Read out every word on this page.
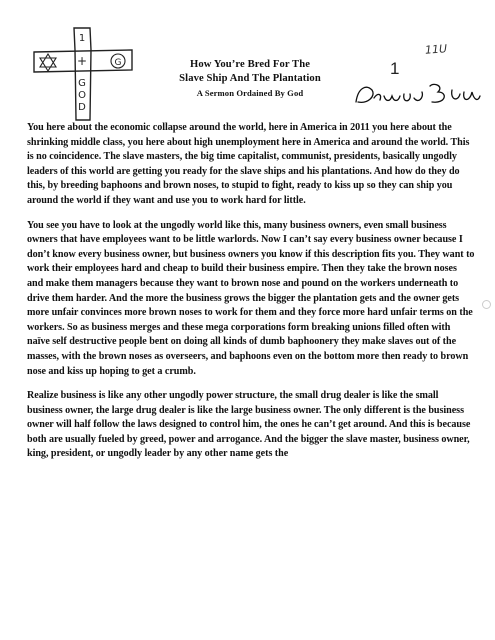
1
+	G
G O D
How You’re Bred For The
Slave Ship And The Plantation
A Sermon Ordained By God
1
11U

You here about the economic collapse around the world, here in America in 2011 you here about the shrinking middle class, you here about high unemployment here in America and around the world. This is no coincidence. The slave masters, the big time capitalist, communist, presidents, basically ungodly leaders of this world are getting you ready for the slave ships and his plantations. And how do they do this, by breeding baphoons and brown noses, to stupid to fight, ready to kiss up so they can ship you around the world if they want and use you to work hard for little.

You see you have to look at the ungodly world like this, many business owners, even small business owners that have employees want to be little warlords. Now I can’t say every business owner because I don’t know every business owner, but business owners you know if this description fits you. They want to work their employees hard and cheap to build their business empire. Then they take the brown noses and make them managers because they want to brown nose and pound on the workers underneath to drive them harder. And the more the business grows the bigger the plantation gets and the owner gets more unfair convinces more brown noses to work for them and they force more hard unfair terms on the workers. So as business merges and these mega corporations form breaking unions filled often with naïve self destructive people bent on doing all kinds of dumb baphoonery they make slaves out of the masses, with the brown noses as overseers, and baphoons even on the bottom more then ready to brown nose and kiss up hoping to get a crumb.

Realize business is like any other ungodly power structure, the small drug dealer is like the small business owner, the large drug dealer is like the large business owner. The only different is the business owner will half follow the laws designed to control him, the ones he can’t get around. And this is because both are usually fueled by greed, power and arrogance. And the bigger the slave master, business owner, king, president, or ungodly leader by any other name gets the
